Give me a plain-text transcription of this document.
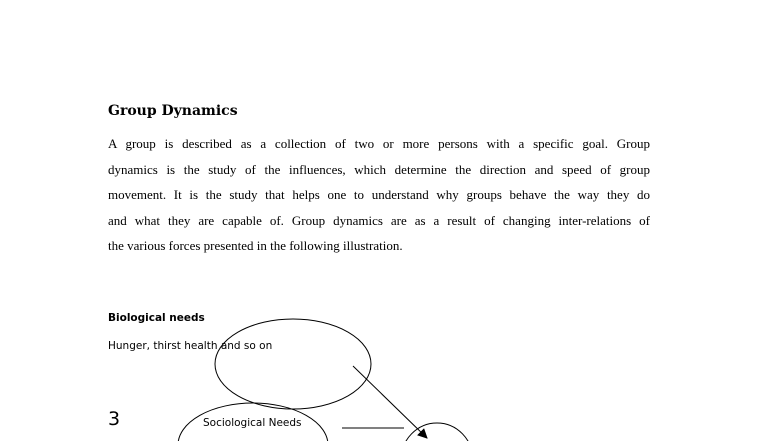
Group Dynamics
A group is described as a collection of two or more persons with a specific goal. Group
dynamics is the study of the influences, which determine the direction and speed of group
movement. It is the study that helps one to understand why groups behave the way they do
and what they are capable of. Group dynamics are as a result of changing inter-relations of
the various forces presented in the following illustration.
Biological needs
Hunger, thirst health and so on
Sociological Needs
3
